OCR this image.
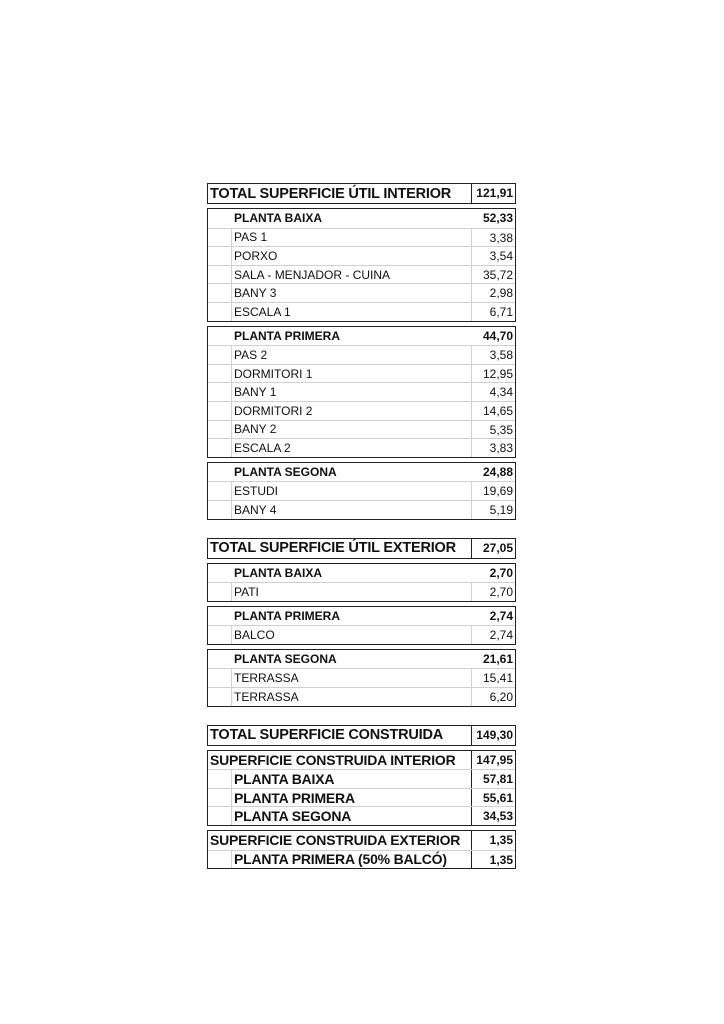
TOTAL SUPERFICIE ÚTIL INTERIOR	121,91
PLANTA BAIXA	52,33
PAS 1	3,38
PORXO	3,54
SALA - MENJADOR - CUINA	35,72
BANY 3	2,98
ESCALA 1	6,71
PLANTA PRIMERA	44,70
PAS 2	3,58
DORMITORI 1	12,95
BANY 1	4,34
DORMITORI 2	14,65
BANY 2	5,35
ESCALA 2	3,83
PLANTA SEGONA	24,88
ESTUDI	19,69
BANY 4	5,19
TOTAL SUPERFICIE ÚTIL EXTERIOR	27,05
PLANTA BAIXA	2,70
PATI	2,70
PLANTA PRIMERA	2,74
BALCO	2,74
PLANTA SEGONA	21,61
TERRASSA	15,41
TERRASSA	6,20
TOTAL SUPERFICIE CONSTRUIDA	149,30
SUPERFICIE CONSTRUIDA INTERIOR	147,95
PLANTA BAIXA	57,81
PLANTA PRIMERA	55,61
PLANTA SEGONA	34,53
SUPERFICIE CONSTRUIDA EXTERIOR	1,35
PLANTA PRIMERA (50% BALCÓ)	1,35
